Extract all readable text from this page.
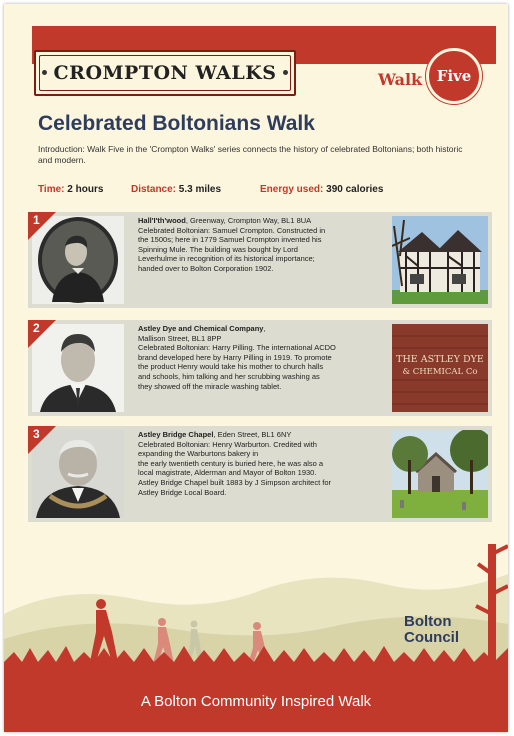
CROMPTON WALKS	Walk Five
Celebrated Boltonians Walk

Introduction: Walk Five in the 'Crompton Walks' series connects the history of celebrated Boltonians; both historic and modern.

Time: 2 hours	Distance: 5.3 miles	Energy used: 390 calories
1	Hall'I'th'wood, Greenway, Crompton Way, BL1 8UA

Celebrated Boltonian: Samuel Crompton. Constructed in

the 1500s; here in 1779 Samuel Crompton invented his

Spinning Mule. The building was bought by Lord

Leverhulme in recognition of its historical importance;

handed over to Bolton Corporation 1902.

2	Astley Dye and Chemical Company,

Mallison Street, BL1 8PP

Celebrated Boltonian: Harry Pilling. The international ACDO

brand developed here by Harry Pilling in 1919. To promote

the product Henry would take his mother to church halls

and schools, him talking and her scrubbing washing as

they showed off the miracle washing tablet.

THE ASTLEY DYE
& CHEMICAL Co
3	Astley Bridge Chapel, Eden Street, BL1 6NY

Celebrated Boltonian: Henry Warburton. Credited with

expanding the Warburtons bakery in

the early twentieth century is buried here, he was also a

local magistrate, Alderman and Mayor of Bolton 1930.

Astley Bridge Chapel built 1883 by J Simpson architect for

Astley Bridge Local Board.

Bolton
Council
A Bolton Community Inspired Walk
